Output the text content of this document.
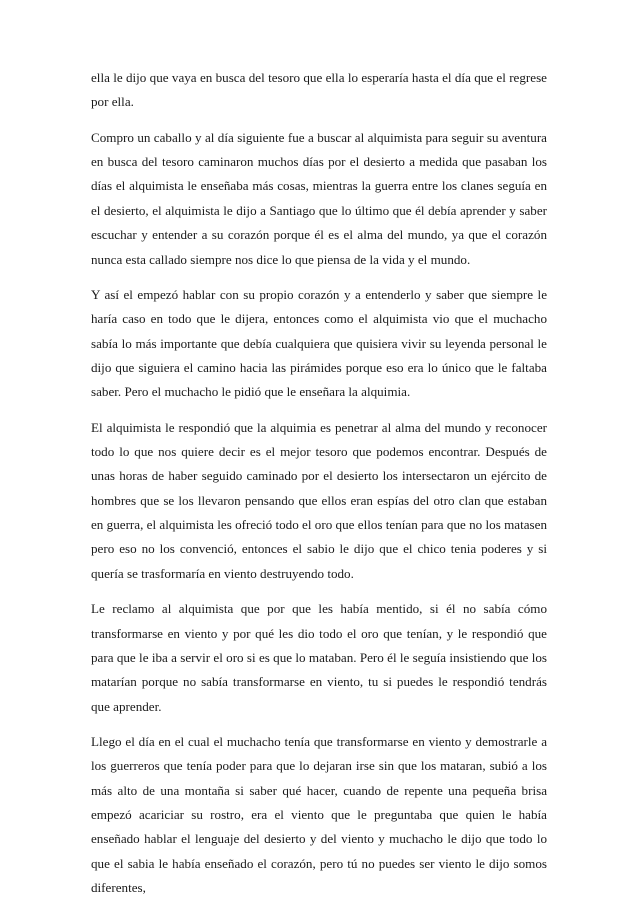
ella le dijo que vaya en busca del tesoro que ella lo esperaría hasta el día que el regrese por ella.

Compro un caballo y al día siguiente fue a buscar al alquimista para seguir su aventura en busca del tesoro caminaron muchos días por el desierto a medida que pasaban los días el alquimista le enseñaba más cosas, mientras la guerra entre los clanes seguía en el desierto, el alquimista le dijo a Santiago que lo último que él debía aprender y saber escuchar y entender a su corazón porque él es el alma del mundo, ya que el corazón nunca esta callado siempre nos dice lo que piensa de la vida y el mundo.

Y así el empezó hablar con su propio corazón y a entenderlo y saber que siempre le haría caso en todo que le dijera, entonces como el alquimista vio que el muchacho sabía lo más importante que debía cualquiera que quisiera vivir su leyenda personal le dijo que siguiera el camino hacia las pirámides porque eso era lo único que le faltaba saber. Pero el muchacho le pidió que le enseñara la alquimia.

El alquimista le respondió que la alquimia es penetrar al alma del mundo y reconocer todo lo que nos quiere decir es el mejor tesoro que podemos encontrar. Después de unas horas de haber seguido caminado por el desierto los intersectaron un ejército de hombres que se los llevaron pensando que ellos eran espías del otro clan que estaban en guerra, el alquimista les ofreció todo el oro que ellos tenían para que no los matasen pero eso no los convenció, entonces el sabio le dijo que el chico tenia poderes y si quería se trasformaría en viento destruyendo todo.

Le reclamo al alquimista que por que les había mentido, si él no sabía cómo transformarse en viento y por qué les dio todo el oro que tenían, y le respondió que para que le iba a servir el oro si es que lo mataban. Pero él le seguía insistiendo que los matarían porque no sabía transformarse en viento, tu si puedes le respondió tendrás que aprender.

Llego el día en el cual el muchacho tenía que transformarse en viento y demostrarle a los guerreros que tenía poder para que lo dejaran irse sin que los mataran, subió a los más alto de una montaña si saber qué hacer, cuando de repente una pequeña brisa empezó acariciar su rostro, era el viento que le preguntaba que quien le había enseñado hablar el lenguaje del desierto y del viento y muchacho le dijo que todo lo que el sabia le había enseñado el corazón, pero tú no puedes ser viento le dijo somos diferentes,
